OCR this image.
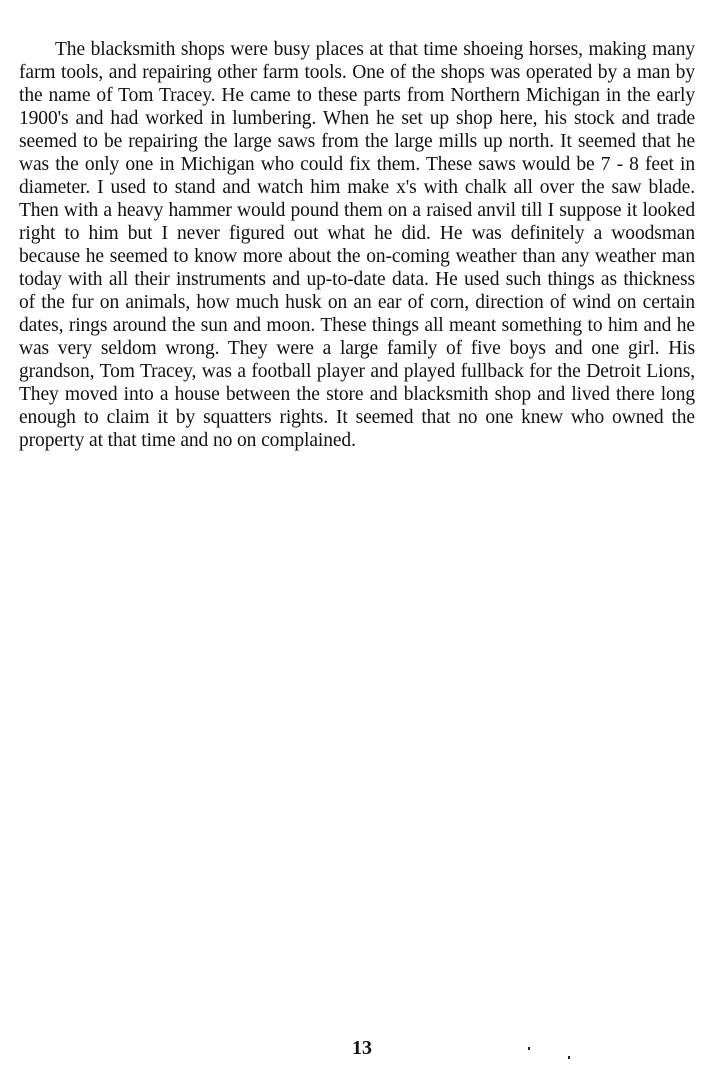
The blacksmith shops were busy places at that time shoeing horses, making many farm tools, and repairing other farm tools. One of the shops was operated by a man by the name of Tom Tracey. He came to these parts from Northern Michigan in the early 1900's and had worked in lumbering. When he set up shop here, his stock and trade seemed to be repairing the large saws from the large mills up north. It seemed that he was the only one in Michigan who could fix them. These saws would be 7 - 8 feet in diameter. I used to stand and watch him make x's with chalk all over the saw blade. Then with a heavy hammer would pound them on a raised anvil till I suppose it looked right to him but I never figured out what he did. He was definitely a woodsman because he seemed to know more about the on-coming weather than any weather man today with all their instruments and up-to-date data. He used such things as thickness of the fur on animals, how much husk on an ear of corn, direction of wind on certain dates, rings around the sun and moon. These things all meant something to him and he was very seldom wrong. They were a large family of five boys and one girl. His grandson, Tom Tracey, was a football player and played fullback for the Detroit Lions, They moved into a house between the store and blacksmith shop and lived there long enough to claim it by squatters rights. It seemed that no one knew who owned the property at that time and no on complained.

13
